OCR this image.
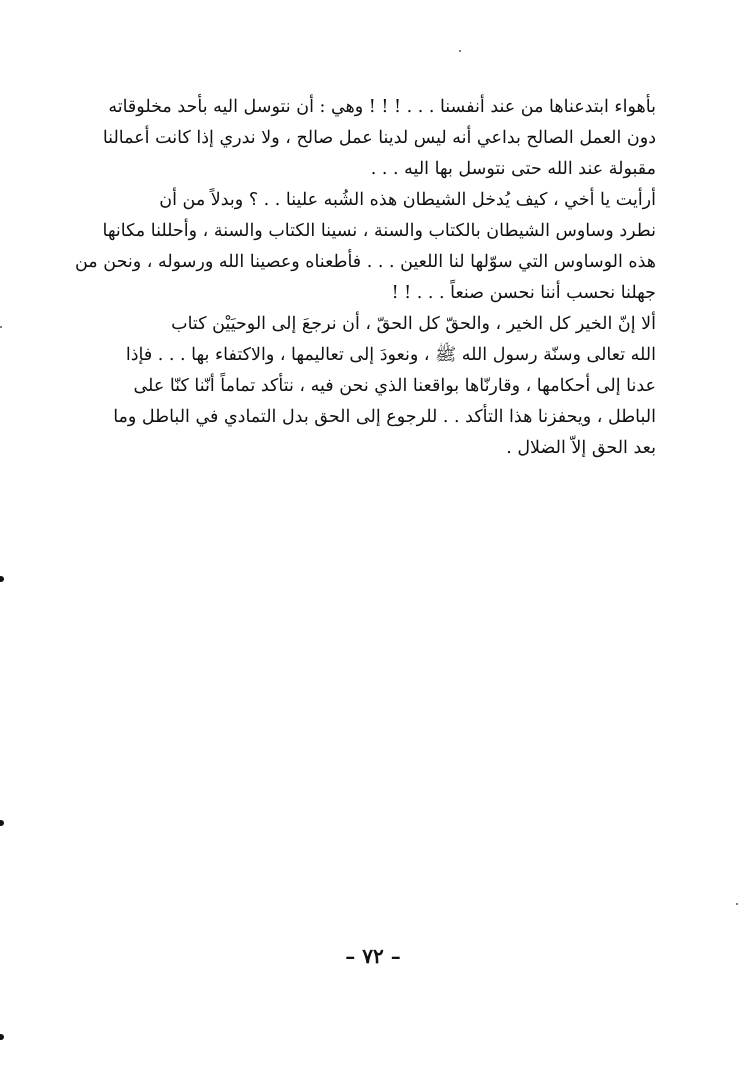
بأهواء ابتدعناها من عند أنفسنا . . . ! ! ! وهي : أن نتوسل اليه بأحد مخلوقاته
دون العمل الصالح بداعي أنه ليس لدينا عمل صالح ، ولا ندري إذا كانت أعمالنا
مقبولة عند الله حتى نتوسل بها اليه . . .

أرأيت يا أخي ، كيف يُدخل الشيطان هذه الشُبه علينا . . ؟ وبدلاً من أن
نطرد وساوس الشيطان بالكتاب والسنة ، نسينا الكتاب والسنة ، وأحللنا مكانها
هذه الوساوس التي سوّلها لنا اللعين . . . فأطعناه وعصينا الله ورسوله ، ونحن من
جهلنا نحسب أننا نحسن صنعاً . . . ! !

ألا إنّ الخير كل الخير ، والحقّ كل الحقّ ، أن نرجعَ إلى الوحيَيْن كتاب
الله تعالى وسنّة رسول الله ﷺ ، ونعودَ إلى تعاليمها ، والاكتفاء بها . . . فإذا
عدنا إلى أحكامها ، وقارنّاها بواقعنا الذي نحن فيه ، نتأكد تماماً أنّنا كنّا على
الباطل ، ويحفزنا هذا التأكد . . للرجوع إلى الحق بدل التمادي في الباطل وما
بعد الحق إلاّ الضلال .

– ٧٢ –
